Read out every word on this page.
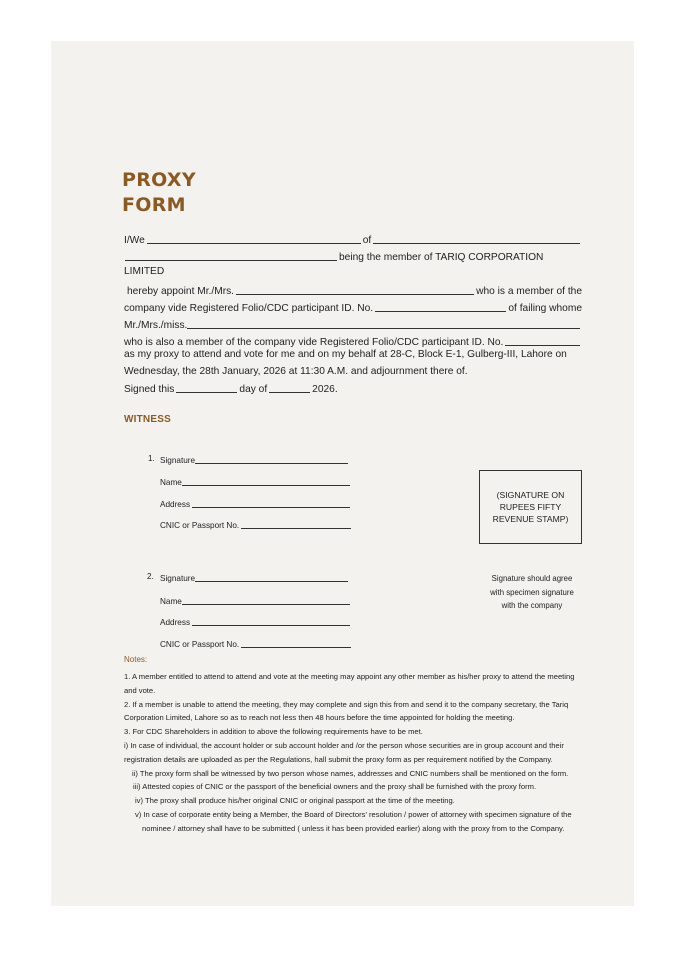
PROXY
FORM
I/We	of
being the member of TARIQ CORPORATION
LIMITED
hereby appoint Mr./Mrs.	who is a member of the
company vide Registered Folio/CDC participant ID. No.	of failing whome
Mr./Mrs./miss.
who is also a member of the company vide Registered Folio/CDC participant ID. No.
as my proxy to attend and vote for me and on my behalf at 28-C, Block E-1, Gulberg-III, Lahore on
Wednesday, the 28th January, 2026 at 11:30 A.M. and adjournment there of.
Signed this	day of	2026.
WITNESS
1. Signature
Name
Address
CNIC or Passport No.
(SIGNATURE ON RUPEES FIFTY REVENUE STAMP)
2. Signature
Name
Address
CNIC or Passport No.
Signature should agree
with specimen signature
with the company
Notes:

1. A member entitled to attend to attend and vote at the meeting may appoint any other member as his/her proxy to attend the meeting and vote.

2. If a member is unable to attend the meeting, they may complete and sign this from and send it to the company secretary, the Tariq Corporation Limited, Lahore so as to reach not less then 48 hours before the time appointed for holding the meeting.

3. For CDC Shareholders in addition to above the following requirements have to be met.

i) In case of individual, the account holder or sub account holder and /or the person whose securities are in group account and their registration details are uploaded as per the Regulations, hall submit the proxy form as per requirement notified by the Company.

ii) The proxy form shall be witnessed by two person whose names, addresses and CNIC numbers shall be mentioned on the form.

iii) Attested copies of CNIC or the passport of the beneficial owners and the proxy shall be furnished with the proxy form.

iv) The proxy shall produce his/her original CNIC or original passport at the time of the meeting.

v) In case of corporate entity being a Member, the Board of Directors' resolution / power of attorney with specimen signature of the nominee / attorney shall have to be submitted ( unless it has been provided earlier) along with the proxy from to the Company.
